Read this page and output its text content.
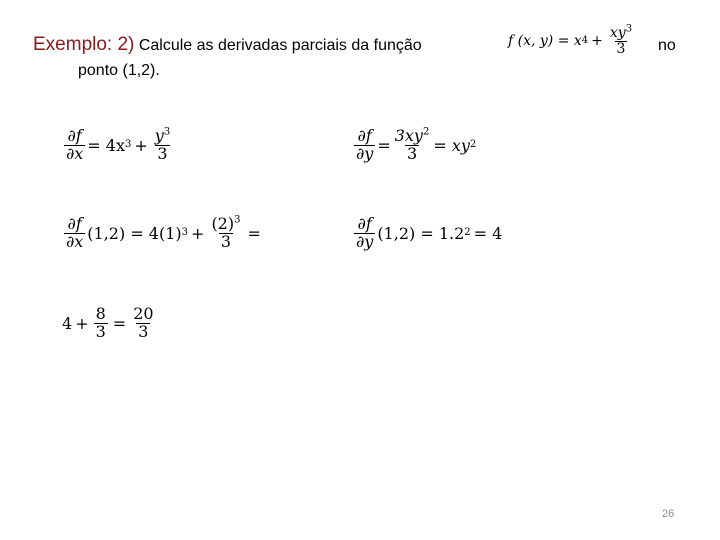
Exemplo: 2) Calcule as derivadas parciais da função
ponto (1,2).
no
f (x, y) = x $4 + \frac{xy^3}{3}$
$\frac{\partial f}{\partial x} = 4x$ $3 + \frac{y^3}{3}$	$\frac{\partial f}{\partial y} = \frac{3xy^2}{3}$ = xy 2
$\frac{\partial f}{\partial x} (1,2) = 4(1) 3 + \frac{(2)^3}{3}$ =	$\frac{\partial f}{\partial y} (1,2) = 1.2$ 2 = 4
$4 + \frac{8}{3} = \frac{20}{3}$
26
